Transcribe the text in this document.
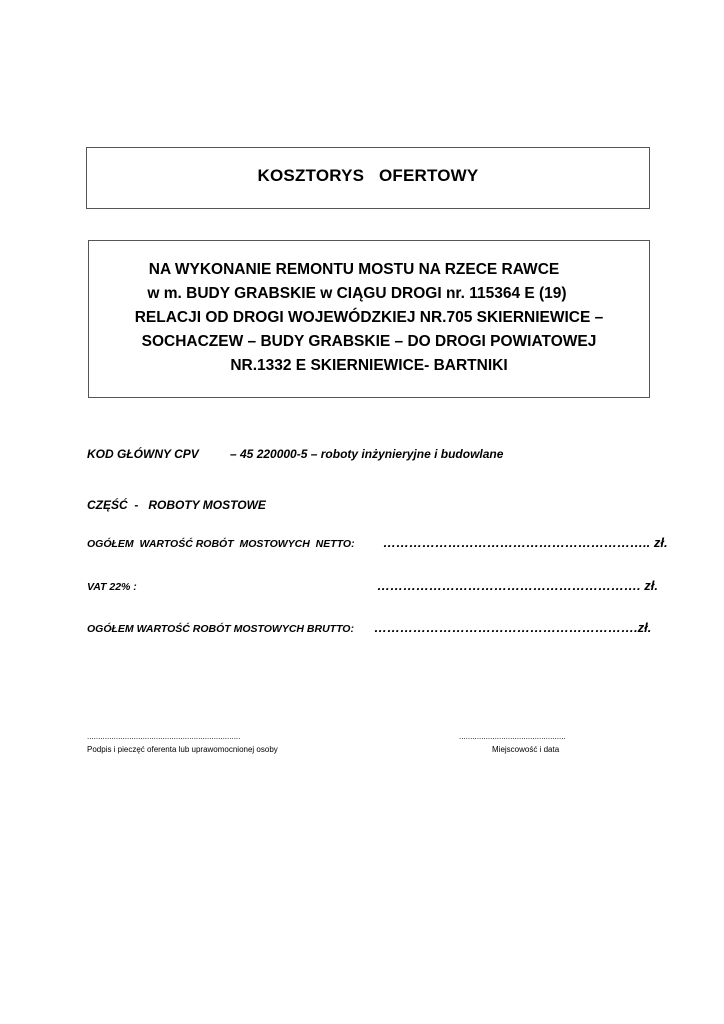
KOSZTORYS   OFERTOWY
NA WYKONANIE REMONTU MOSTU NA RZECE RAWCE
w m. BUDY GRABSKIE w CIĄGU DROGI nr. 115364 E (19)
RELACJI OD DROGI WOJEWÓDZKIEJ NR.705 SKIERNIEWICE –
SOCHACZEW – BUDY GRABSKIE – DO DROGI POWIATOWEJ
NR.1332 E SKIERNIEWICE- BARTNIKI
KOD GŁÓWNY CPV	– 45 220000-5 – roboty inżynieryjne i budowlane
CZĘŚĆ  -   ROBOTY MOSTOWE
OGÓŁEM  WARTOŚĆ ROBÓT  MOSTOWYCH  NETTO: …………………………………………………….. zł.
VAT 22% :	……………………………………………………. zł.
OGÓŁEM WARTOŚĆ ROBÓT MOSTOWYCH BRUTTO: …………………………………………………….zł.
.....................................................................
Podpis i pieczęć oferenta lub uprawomocnionej osoby
................................................
Miejscowość i data
